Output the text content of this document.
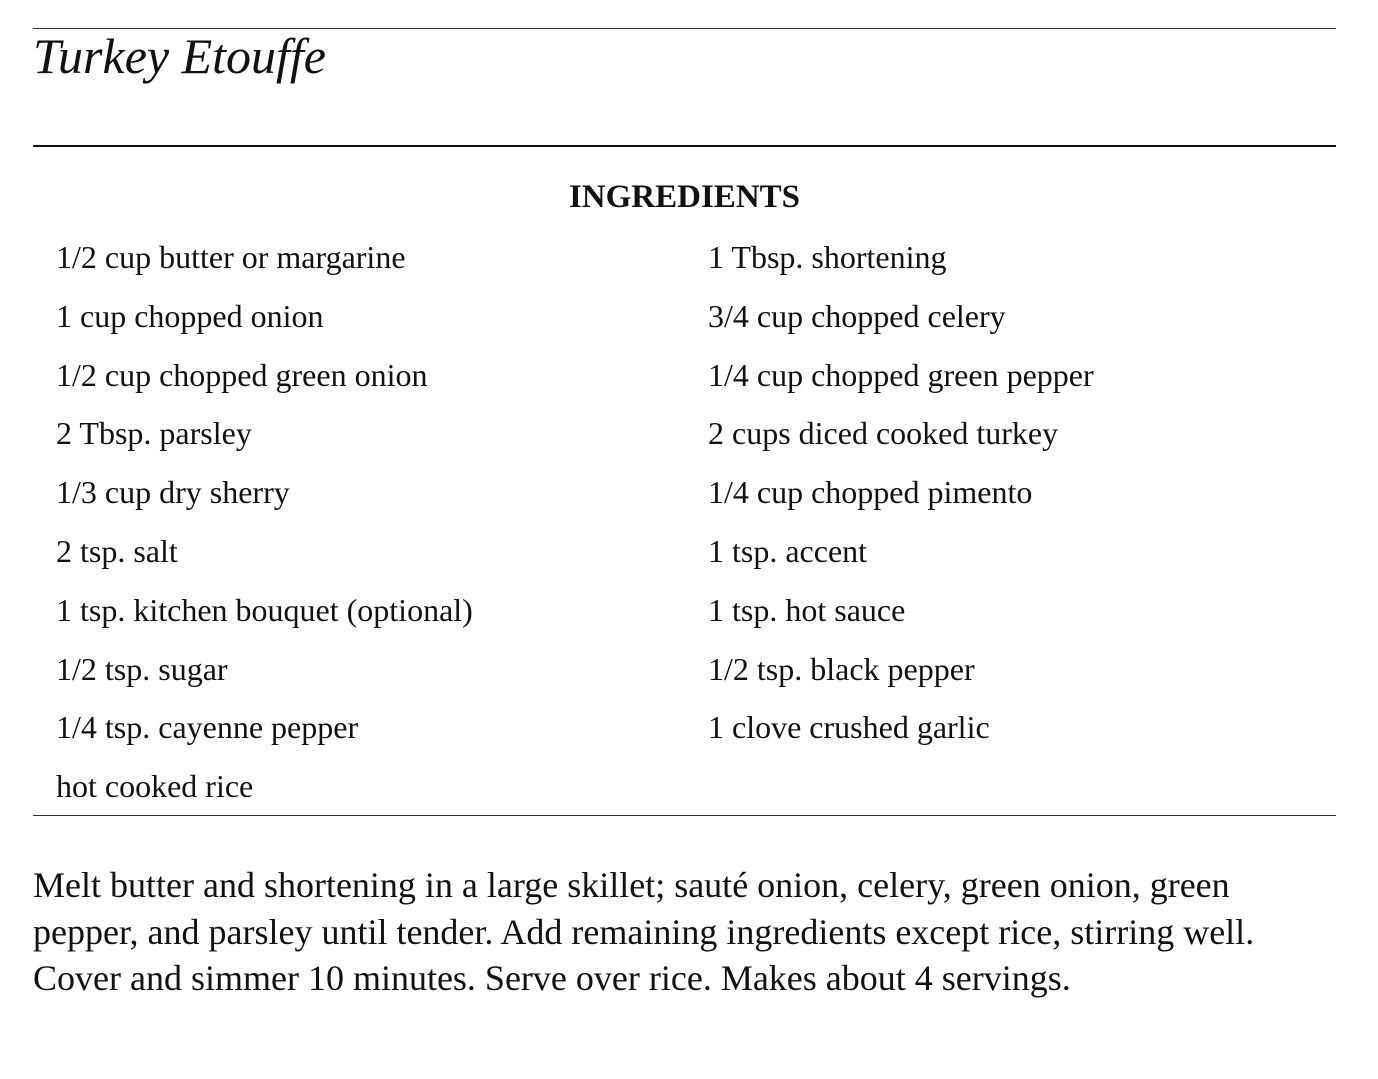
Turkey Etouffe
INGREDIENTS
1/2 cup butter or margarine
1 cup chopped onion
1/2 cup chopped green onion
2 Tbsp. parsley
1/3 cup dry sherry
2 tsp. salt
1 tsp. kitchen bouquet (optional)
1/2 tsp. sugar
1/4 tsp. cayenne pepper
hot cooked rice
1 Tbsp. shortening
3/4 cup chopped celery
1/4 cup chopped green pepper
2 cups diced cooked turkey
1/4 cup chopped pimento
1 tsp. accent
1 tsp. hot sauce
1/2 tsp. black pepper
1 clove crushed garlic

Melt butter and shortening in a large skillet; sauté onion, celery, green onion, green pepper, and parsley until tender. Add remaining ingredients except rice, stirring well. Cover and simmer 10 minutes. Serve over rice. Makes about 4 servings.
